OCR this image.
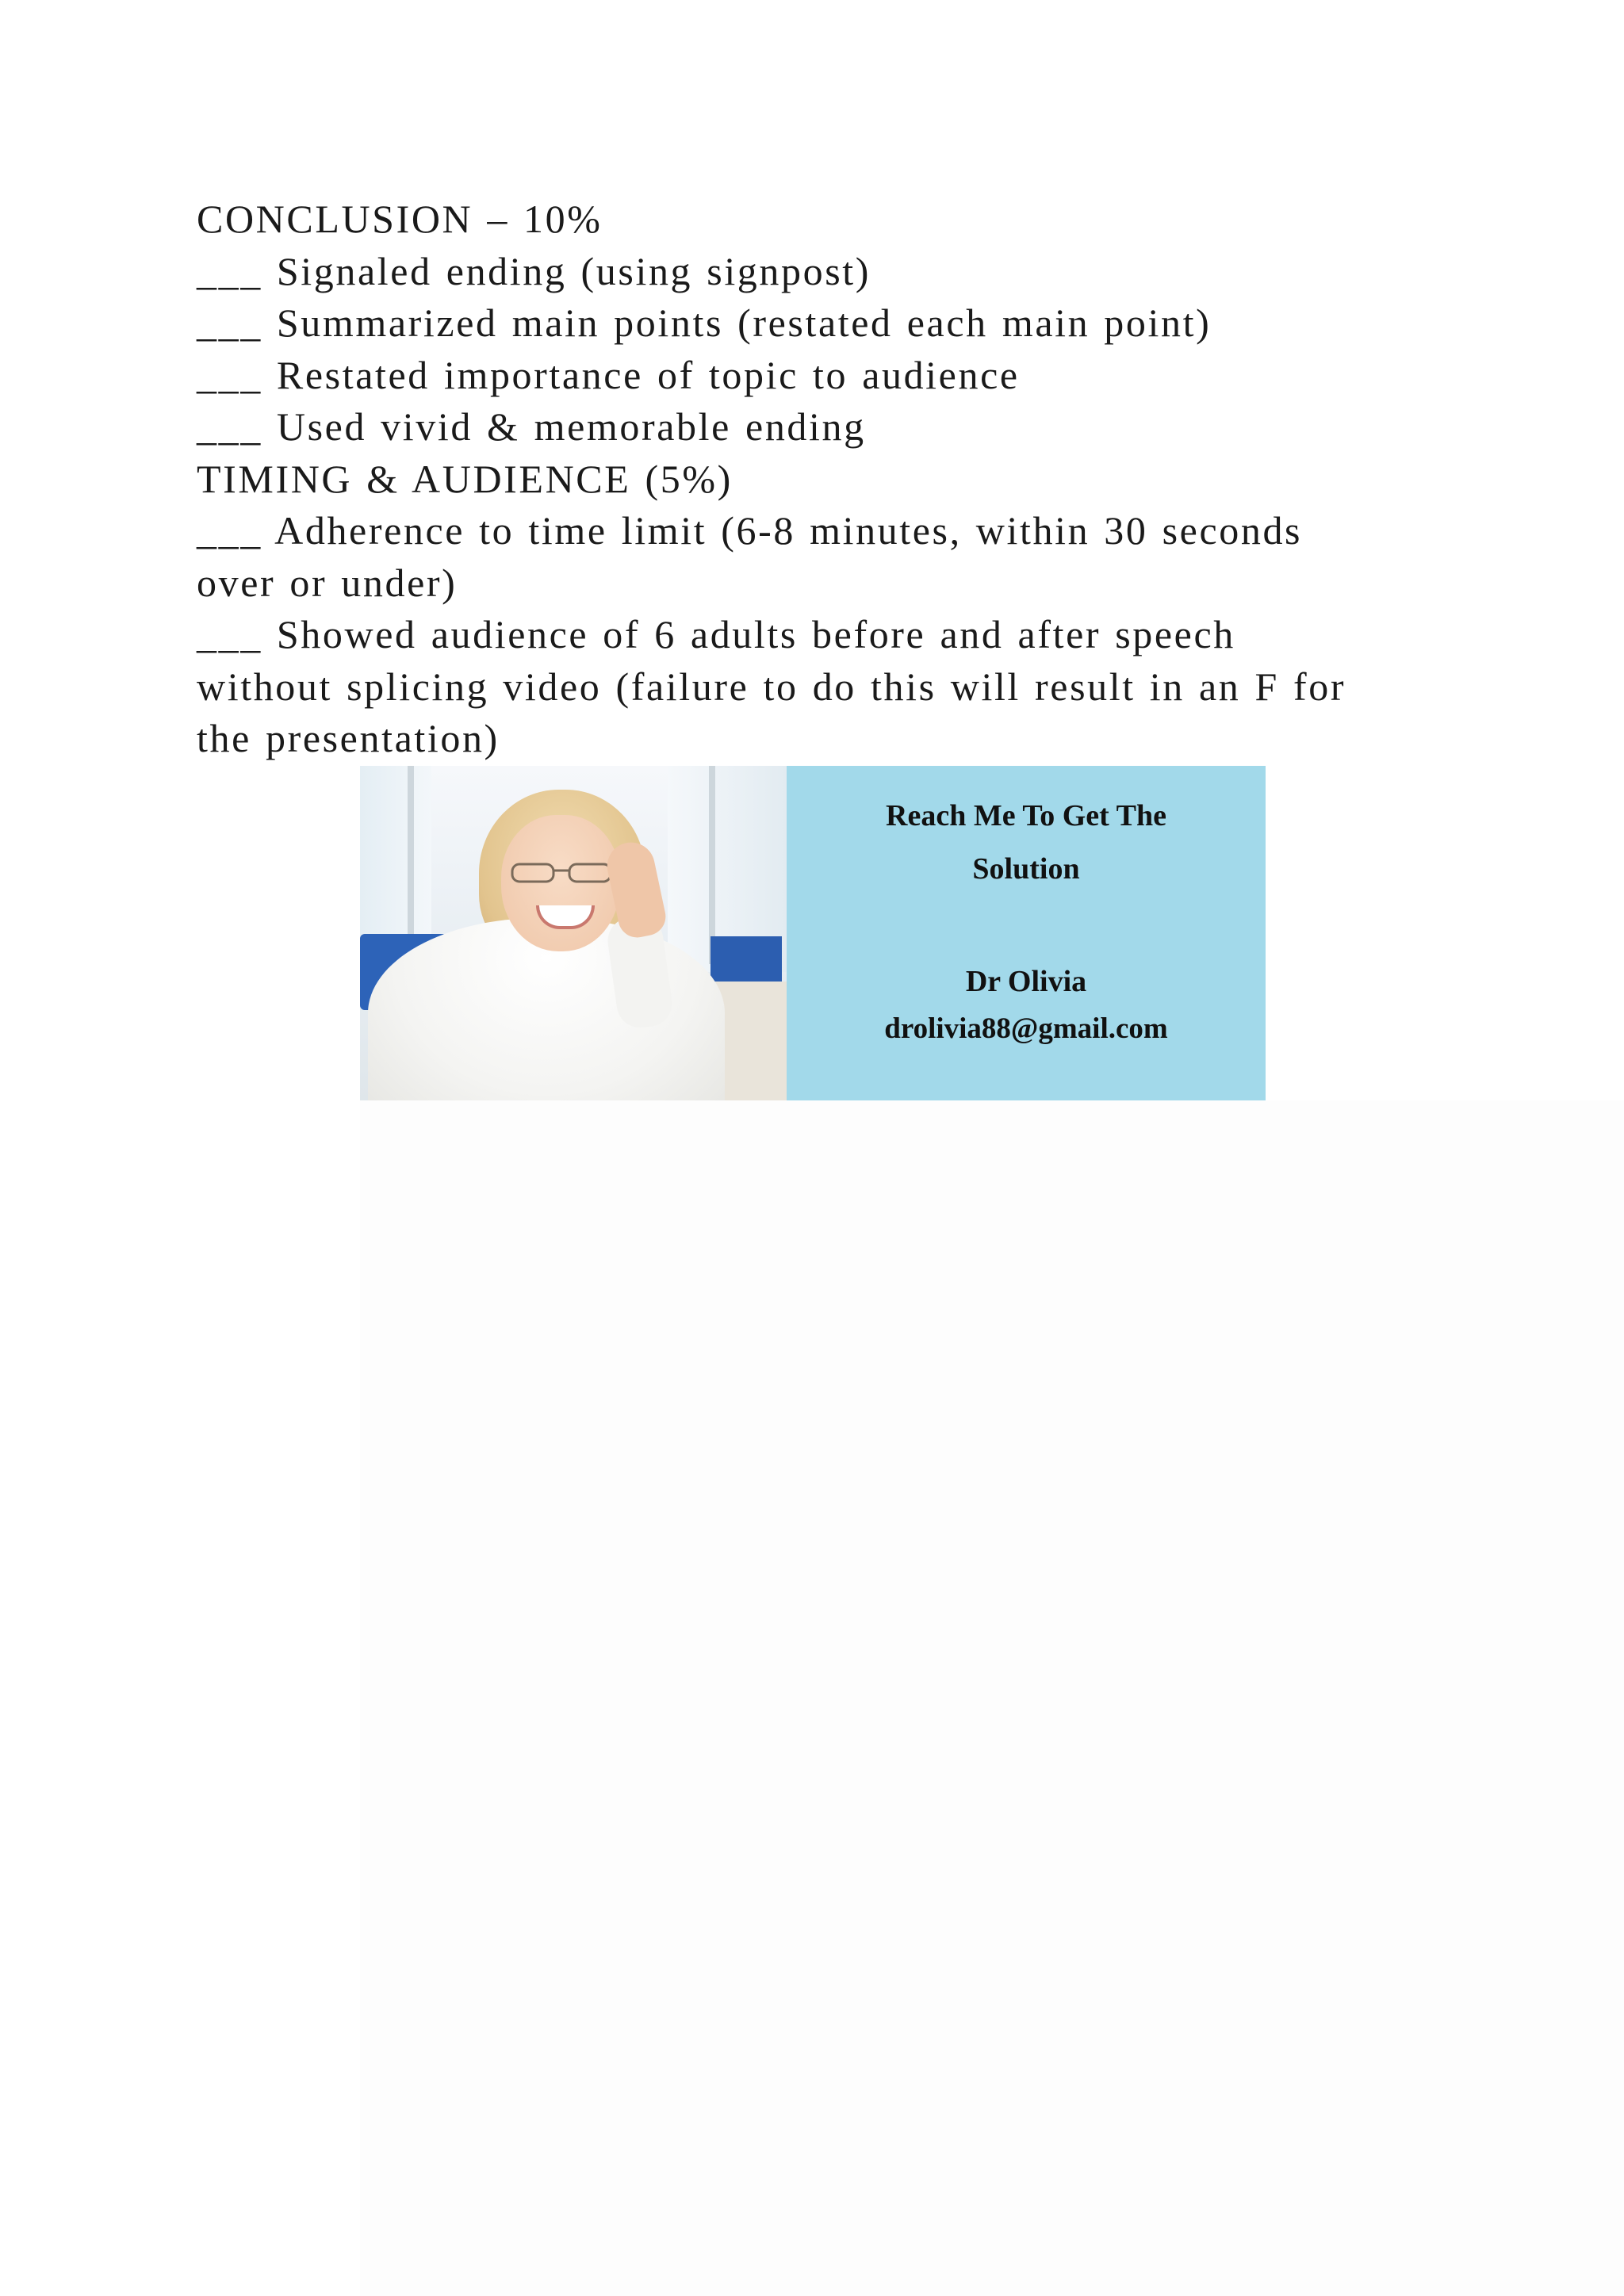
CONCLUSION – 10%
___ Signaled ending (using signpost)
___ Summarized main points (restated each main point)
___ Restated importance of topic to audience
___ Used vivid & memorable ending
TIMING & AUDIENCE (5%)
___ Adherence to time limit (6-8 minutes, within 30 seconds
over or under)
___ Showed audience of 6 adults before and after speech
without splicing video (failure to do this will result in an F for
the presentation)
Reach Me To Get The
Solution
Dr Olivia
drolivia88@gmail.com
